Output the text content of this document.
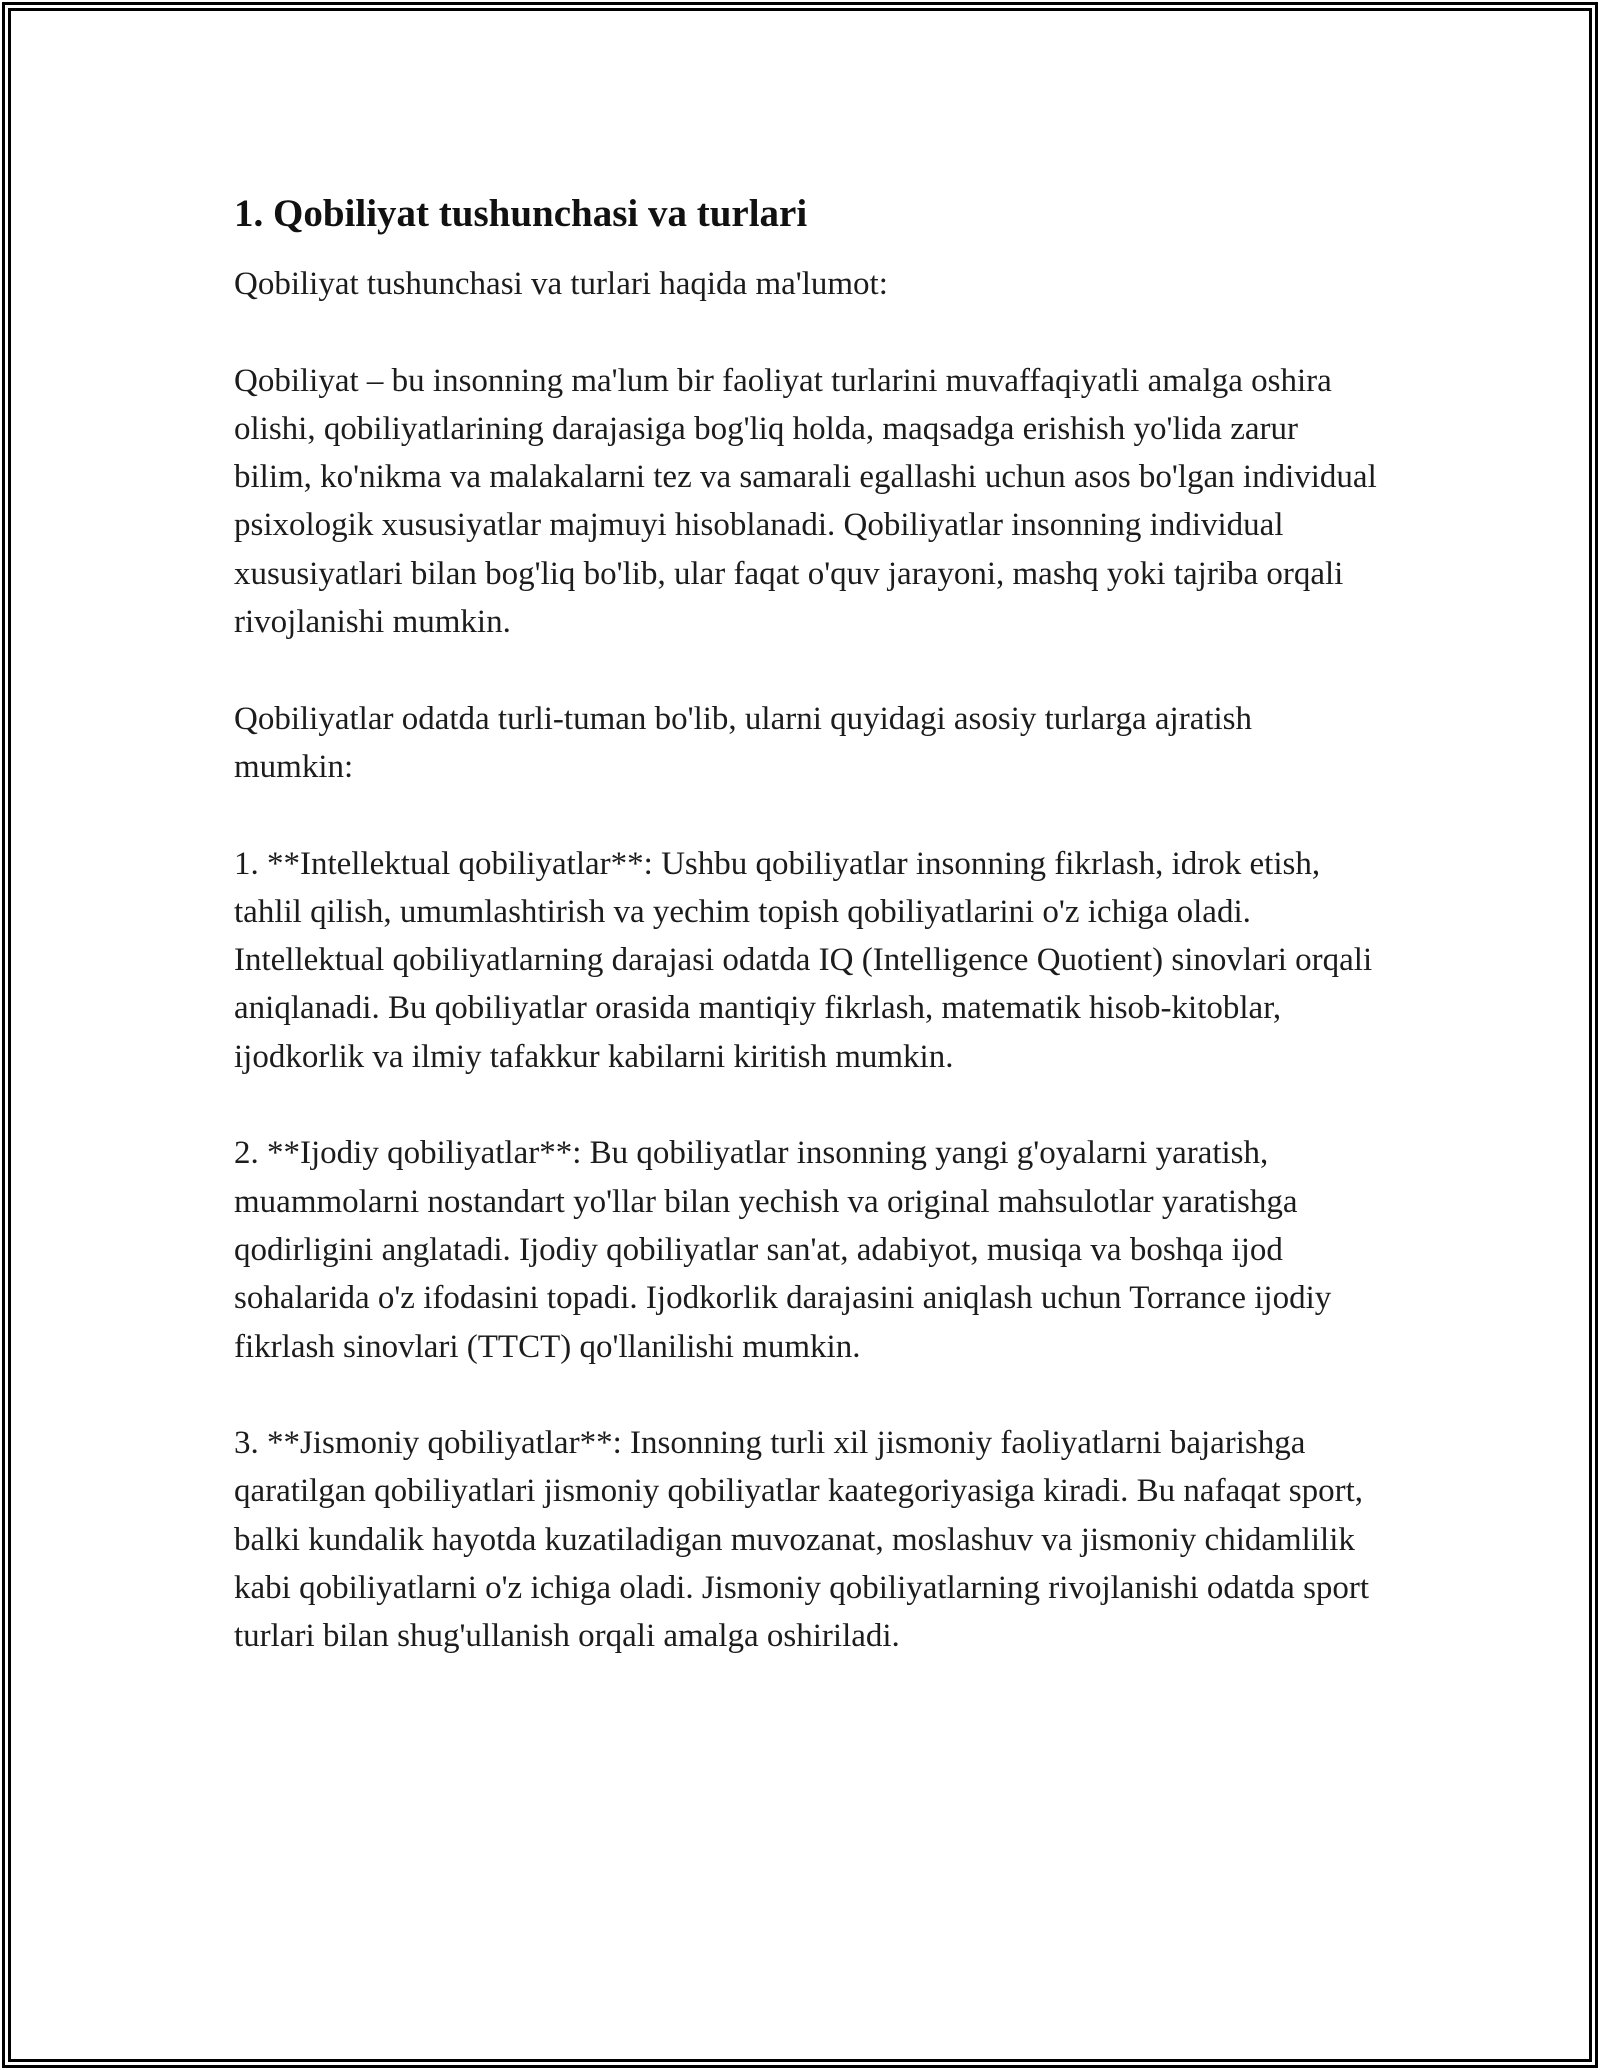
1. Qobiliyat tushunchasi va turlari

Qobiliyat tushunchasi va turlari haqida ma'lumot:

Qobiliyat – bu insonning ma'lum bir faoliyat turlarini muvaffaqiyatli amalga oshira olishi, qobiliyatlarining darajasiga bog'liq holda, maqsadga erishish yo'lida zarur bilim, ko'nikma va malakalarni tez va samarali egallashi uchun asos bo'lgan individual psixologik xususiyatlar majmuyi hisoblanadi. Qobiliyatlar insonning individual xususiyatlari bilan bog'liq bo'lib, ular faqat o'quv jarayoni, mashq yoki tajriba orqali rivojlanishi mumkin.

Qobiliyatlar odatda turli-tuman bo'lib, ularni quyidagi asosiy turlarga ajratish mumkin:

1. **Intellektual qobiliyatlar**: Ushbu qobiliyatlar insonning fikrlash, idrok etish, tahlil qilish, umumlashtirish va yechim topish qobiliyatlarini o'z ichiga oladi. Intellektual qobiliyatlarning darajasi odatda IQ (Intelligence Quotient) sinovlari orqali aniqlanadi. Bu qobiliyatlar orasida mantiqiy fikrlash, matematik hisob-kitoblar, ijodkorlik va ilmiy tafakkur kabilarni kiritish mumkin.

2. **Ijodiy qobiliyatlar**: Bu qobiliyatlar insonning yangi g'oyalarni yaratish, muammolarni nostandart yo'llar bilan yechish va original mahsulotlar yaratishga qodirligini anglatadi. Ijodiy qobiliyatlar san'at, adabiyot, musiqa va boshqa ijod sohalarida o'z ifodasini topadi. Ijodkorlik darajasini aniqlash uchun Torrance ijodiy fikrlash sinovlari (TTCT) qo'llanilishi mumkin.

3. **Jismoniy qobiliyatlar**: Insonning turli xil jismoniy faoliyatlarni bajarishga qaratilgan qobiliyatlari jismoniy qobiliyatlar kaategoriyasiga kiradi. Bu nafaqat sport, balki kundalik hayotda kuzatiladigan muvozanat, moslashuv va jismoniy chidamlilik kabi qobiliyatlarni o'z ichiga oladi. Jismoniy qobiliyatlarning rivojlanishi odatda sport turlari bilan shug'ullanish orqali amalga oshiriladi.
